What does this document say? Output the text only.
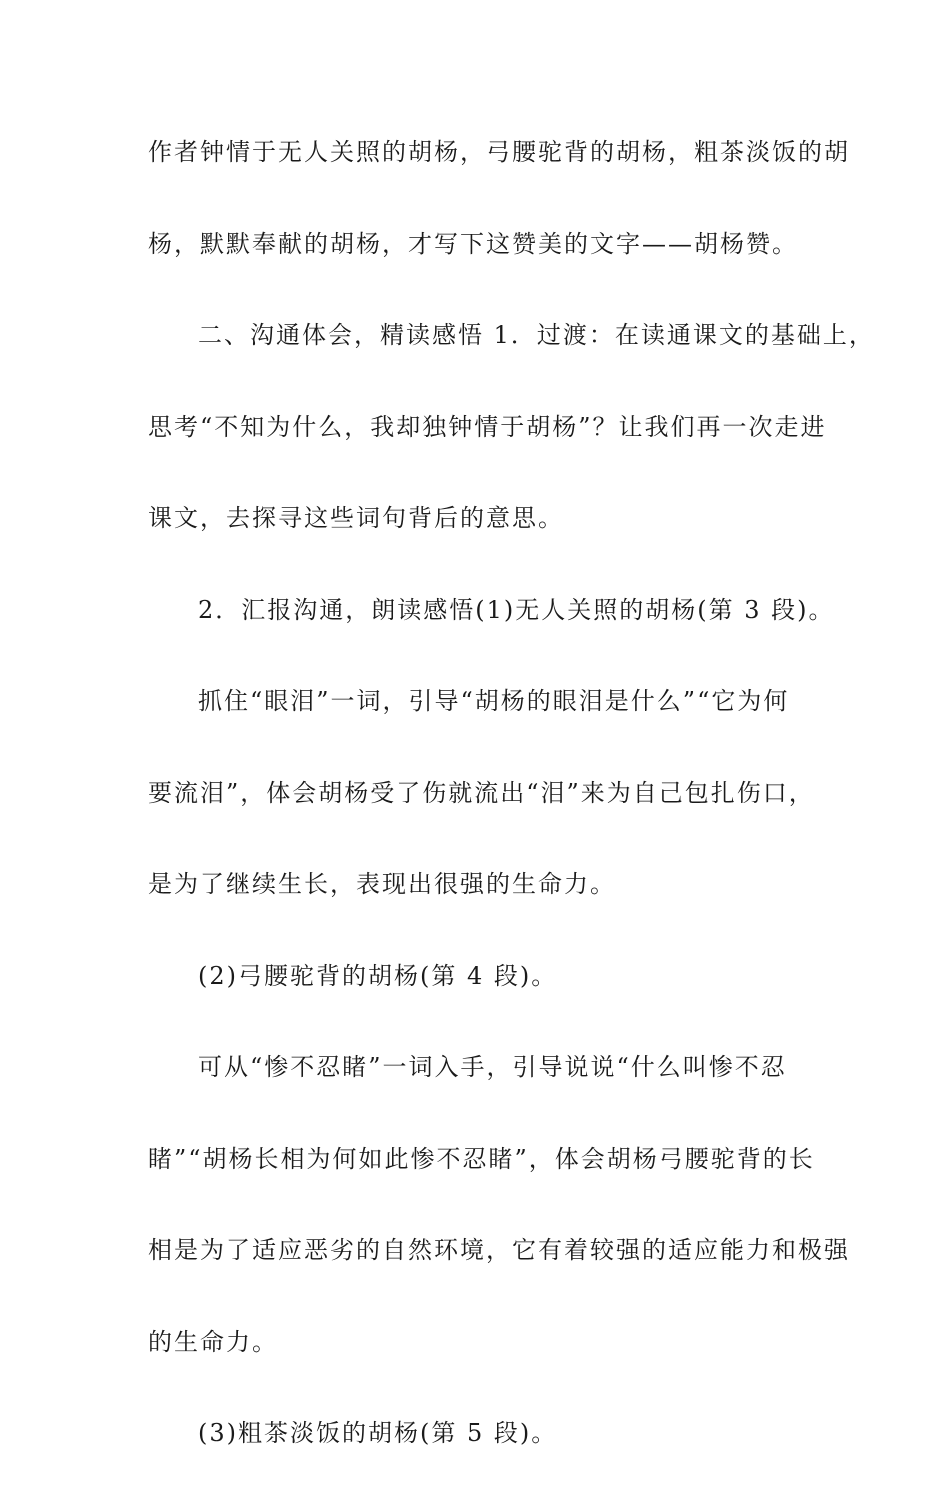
作者钟情于无人关照的胡杨，弓腰驼背的胡杨，粗茶淡饭的胡
杨，默默奉献的胡杨，才写下这赞美的文字——胡杨赞。
二、沟通体会，精读感悟 1．过渡：在读通课文的基础上，
思考“不知为什么，我却独钟情于胡杨”？让我们再一次走进
课文，去探寻这些词句背后的意思。
2．汇报沟通，朗读感悟(1)无人关照的胡杨(第 3 段)。
抓住“眼泪”一词，引导“胡杨的眼泪是什么”“它为何
要流泪”，体会胡杨受了伤就流出“泪”来为自己包扎伤口，
是为了继续生长，表现出很强的生命力。
(2)弓腰驼背的胡杨(第 4 段)。
可从“惨不忍睹”一词入手，引导说说“什么叫惨不忍
睹”“胡杨长相为何如此惨不忍睹”，体会胡杨弓腰驼背的长
相是为了适应恶劣的自然环境，它有着较强的适应能力和极强
的生命力。
(3)粗茶淡饭的胡杨(第 5 段)。
